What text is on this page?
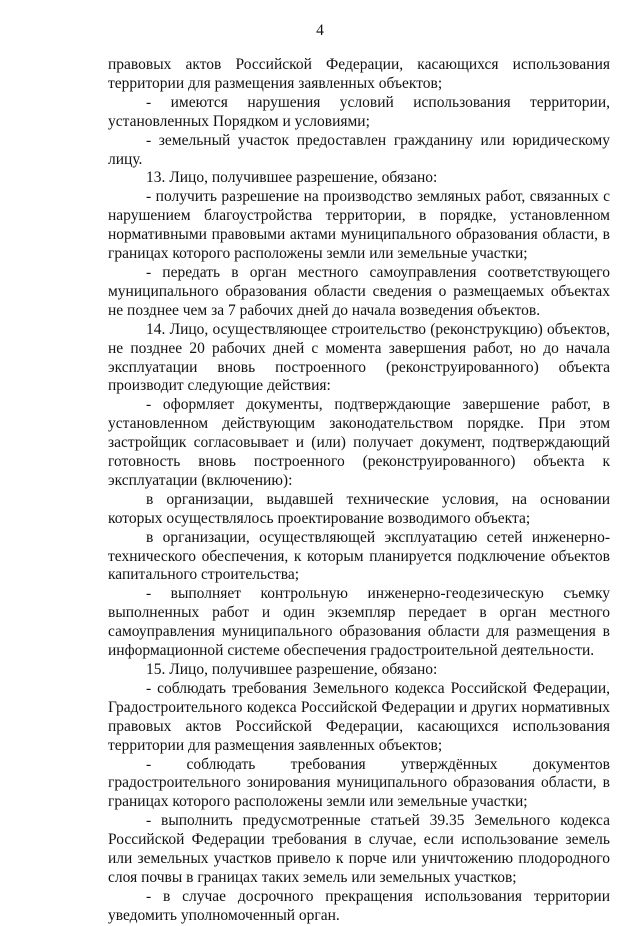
4

правовых актов Российской Федерации, касающихся использования территории для размещения заявленных объектов;

- имеются нарушения условий использования территории, установленных Порядком и условиями;

- земельный участок предоставлен гражданину или юридическому лицу.

13. Лицо, получившее разрешение, обязано:

- получить разрешение на производство земляных работ, связанных с нарушением благоустройства территории, в порядке, установленном нормативными правовыми актами муниципального образования области, в границах которого расположены земли или земельные участки;

- передать в орган местного самоуправления соответствующего муниципального образования области сведения о размещаемых объектах не позднее чем за 7 рабочих дней до начала возведения объектов.

14. Лицо, осуществляющее строительство (реконструкцию) объектов, не позднее 20 рабочих дней с момента завершения работ, но до начала эксплуатации вновь построенного (реконструированного) объекта производит следующие действия:

- оформляет документы, подтверждающие завершение работ, в установленном действующим законодательством порядке. При этом застройщик согласовывает и (или) получает документ, подтверждающий готовность вновь построенного (реконструированного) объекта к эксплуатации (включению):

в организации, выдавшей технические условия, на основании которых осуществлялось проектирование возводимого объекта;

в организации, осуществляющей эксплуатацию сетей инженерно-технического обеспечения, к которым планируется подключение объектов капитального строительства;

- выполняет контрольную инженерно-геодезическую съемку выполненных работ и один экземпляр передает в орган местного самоуправления муниципального образования области для размещения в информационной системе обеспечения градостроительной деятельности.

15. Лицо, получившее разрешение, обязано:

- соблюдать требования Земельного кодекса Российской Федерации, Градостроительного кодекса Российской Федерации и других нормативных правовых актов Российской Федерации, касающихся использования территории для размещения заявленных объектов;

- соблюдать требования утверждённых документов градостроительного зонирования муниципального образования области, в границах которого расположены земли или земельные участки;

- выполнить предусмотренные статьей 39.35 Земельного кодекса Российской Федерации требования в случае, если использование земель или земельных участков привело к порче или уничтожению плодородного слоя почвы в границах таких земель или земельных участков;

- в случае досрочного прекращения использования территории уведомить уполномоченный орган.
